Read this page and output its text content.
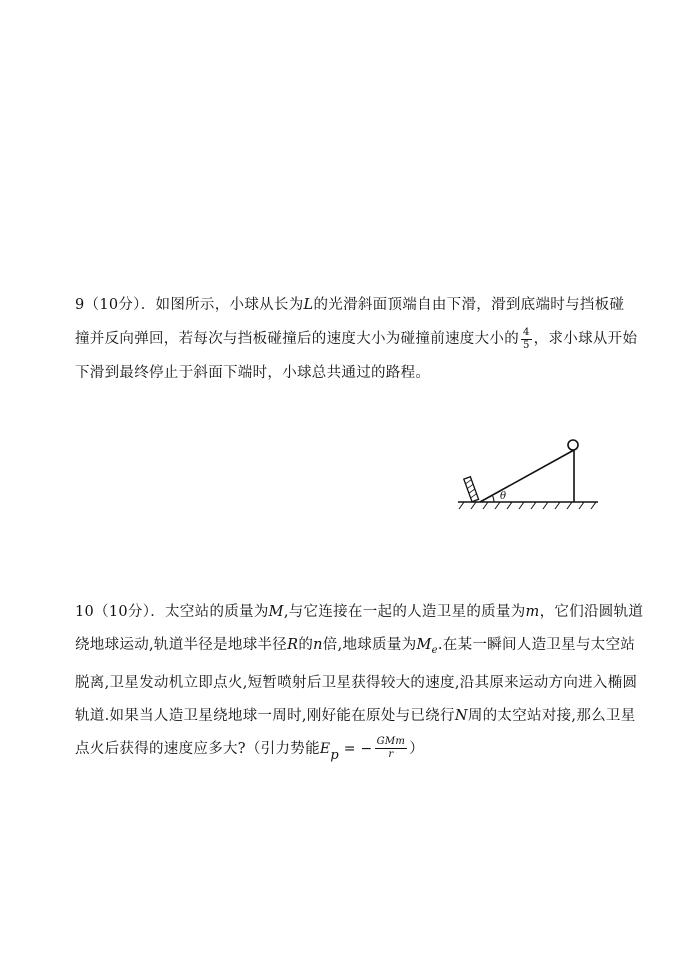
9（10分）．如图所示，小球从长为L的光滑斜面顶端自由下滑，滑到底端时与挡板碰
撞并反向弹回，若每次与挡板碰撞后的速度大小为碰撞前速度大小的 $\frac{4}{5}$ ，求小球从开始
下滑到最终停止于斜面下端时，小球总共通过的路程。
θ
10（10分）．太空站的质量为M,与它连接在一起的人造卫星的质量为m，它们沿圆轨道
绕地球运动,轨道半径是地球半径R的n倍,地球质量为$M_e$.在某一瞬间人造卫星与太空站
脱离,卫星发动机立即点火,短暂喷射后卫星获得较大的速度,沿其原来运动方向进入椭圆
轨道.如果当人造卫星绕地球一周时,刚好能在原处与已绕行N周的太空站对接,那么卫星
点火后获得的速度应多大?（引力势能$E_p$ = − $\frac{\text{GMm}}{r}$ ）
